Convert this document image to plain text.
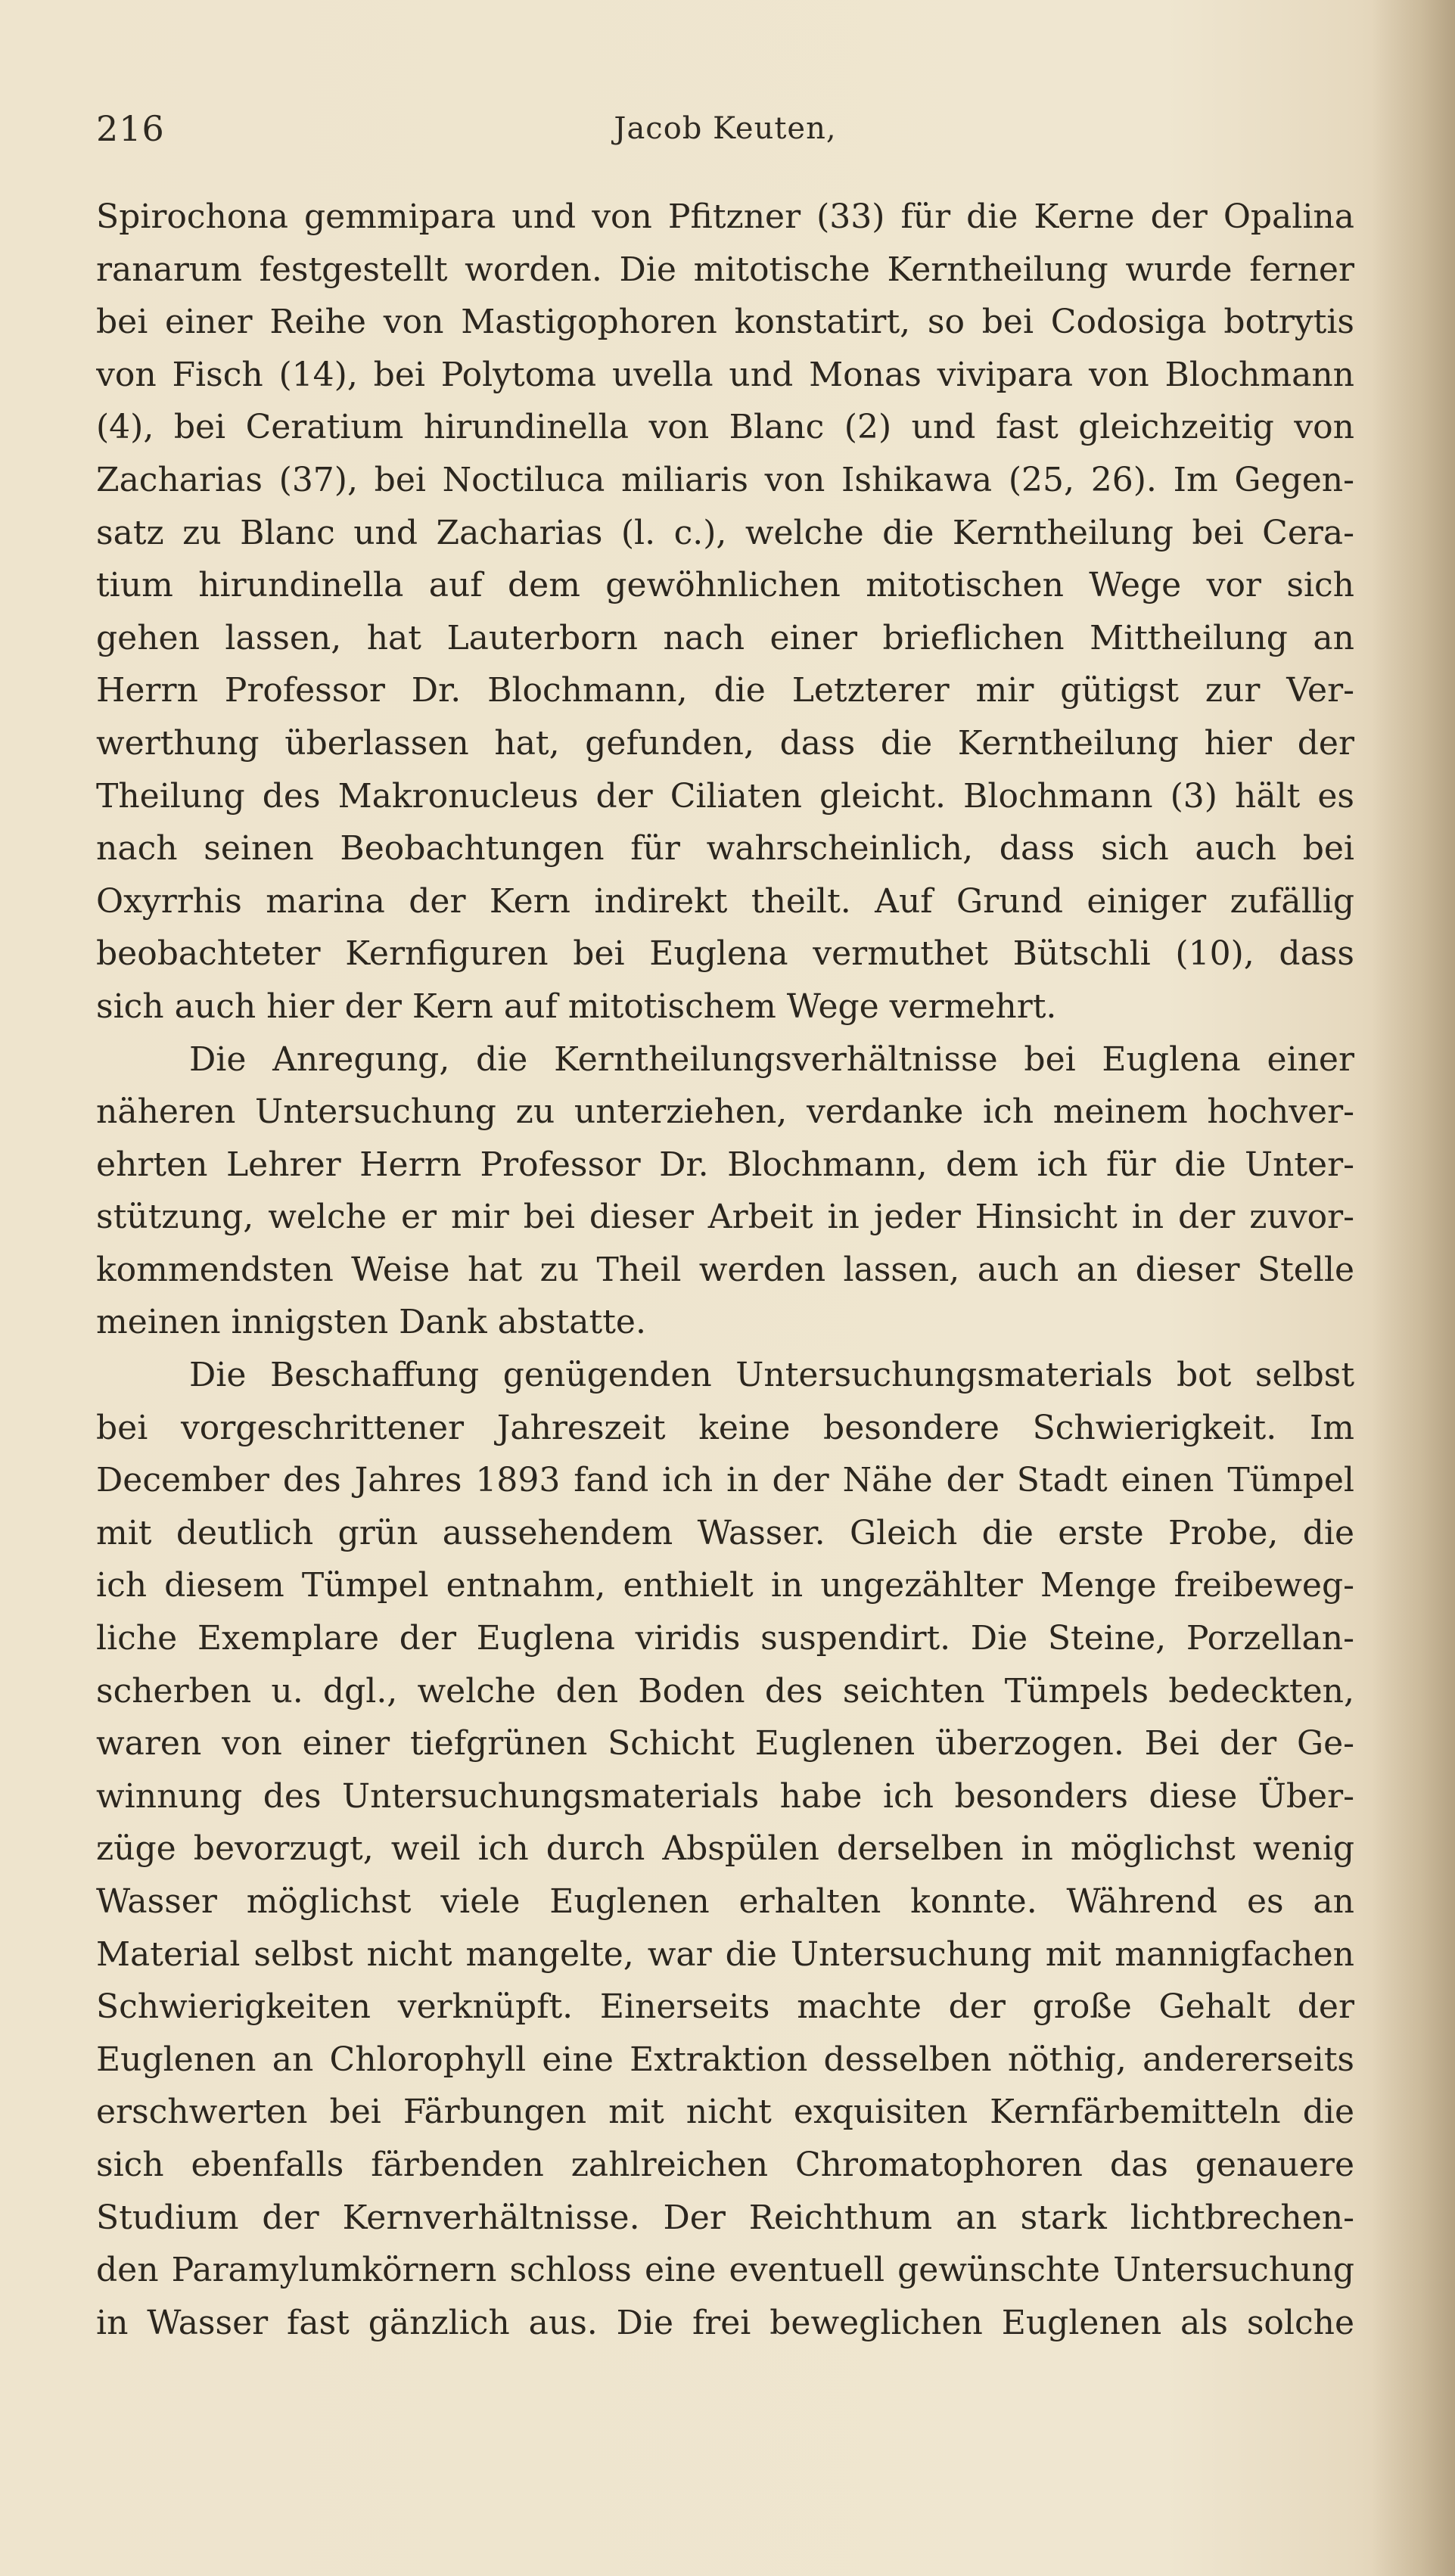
216	Jacob Keuten,
Spirochona gemmipara und von Pfitzner (33) für die Kerne der Opalina
ranarum festgestellt worden. Die mitotische Kerntheilung wurde ferner
bei einer Reihe von Mastigophoren konstatirt, so bei Codosiga botrytis
von Fisch (14), bei Polytoma uvella und Monas vivipara von Blochmann
(4), bei Ceratium hirundinella von Blanc (2) und fast gleichzeitig von
Zacharias (37), bei Noctiluca miliaris von Ishikawa (25, 26). Im Gegen-
satz zu Blanc und Zacharias (l. c.), welche die Kerntheilung bei Cera-
tium hirundinella auf dem gewöhnlichen mitotischen Wege vor sich
gehen lassen, hat Lauterborn nach einer brieflichen Mittheilung an
Herrn Professor Dr. Blochmann, die Letzterer mir gütigst zur Ver-
werthung überlassen hat, gefunden, dass die Kerntheilung hier der
Theilung des Makronucleus der Ciliaten gleicht. Blochmann (3) hält es
nach seinen Beobachtungen für wahrscheinlich, dass sich auch bei
Oxyrrhis marina der Kern indirekt theilt. Auf Grund einiger zufällig
beobachteter Kernfiguren bei Euglena vermuthet Bütschli (10), dass
sich auch hier der Kern auf mitotischem Wege vermehrt.
Die Anregung, die Kerntheilungsverhältnisse bei Euglena einer
näheren Untersuchung zu unterziehen, verdanke ich meinem hochver-
ehrten Lehrer Herrn Professor Dr. Blochmann, dem ich für die Unter-
stützung, welche er mir bei dieser Arbeit in jeder Hinsicht in der zuvor-
kommendsten Weise hat zu Theil werden lassen, auch an dieser Stelle
meinen innigsten Dank abstatte.
Die Beschaffung genügenden Untersuchungsmaterials bot selbst
bei vorgeschrittener Jahreszeit keine besondere Schwierigkeit. Im
December des Jahres 1893 fand ich in der Nähe der Stadt einen Tümpel
mit deutlich grün aussehendem Wasser. Gleich die erste Probe, die
ich diesem Tümpel entnahm, enthielt in ungezählter Menge freibeweg-
liche Exemplare der Euglena viridis suspendirt. Die Steine, Porzellan-
scherben u. dgl., welche den Boden des seichten Tümpels bedeckten,
waren von einer tiefgrünen Schicht Euglenen überzogen. Bei der Ge-
winnung des Untersuchungsmaterials habe ich besonders diese Über-
züge bevorzugt, weil ich durch Abspülen derselben in möglichst wenig
Wasser möglichst viele Euglenen erhalten konnte. Während es an
Material selbst nicht mangelte, war die Untersuchung mit mannigfachen
Schwierigkeiten verknüpft. Einerseits machte der große Gehalt der
Euglenen an Chlorophyll eine Extraktion desselben nöthig, andererseits
erschwerten bei Färbungen mit nicht exquisiten Kernfärbemitteln die
sich ebenfalls färbenden zahlreichen Chromatophoren das genauere
Studium der Kernverhältnisse. Der Reichthum an stark lichtbrechen-
den Paramylumkörnern schloss eine eventuell gewünschte Untersuchung
in Wasser fast gänzlich aus. Die frei beweglichen Euglenen als solche
